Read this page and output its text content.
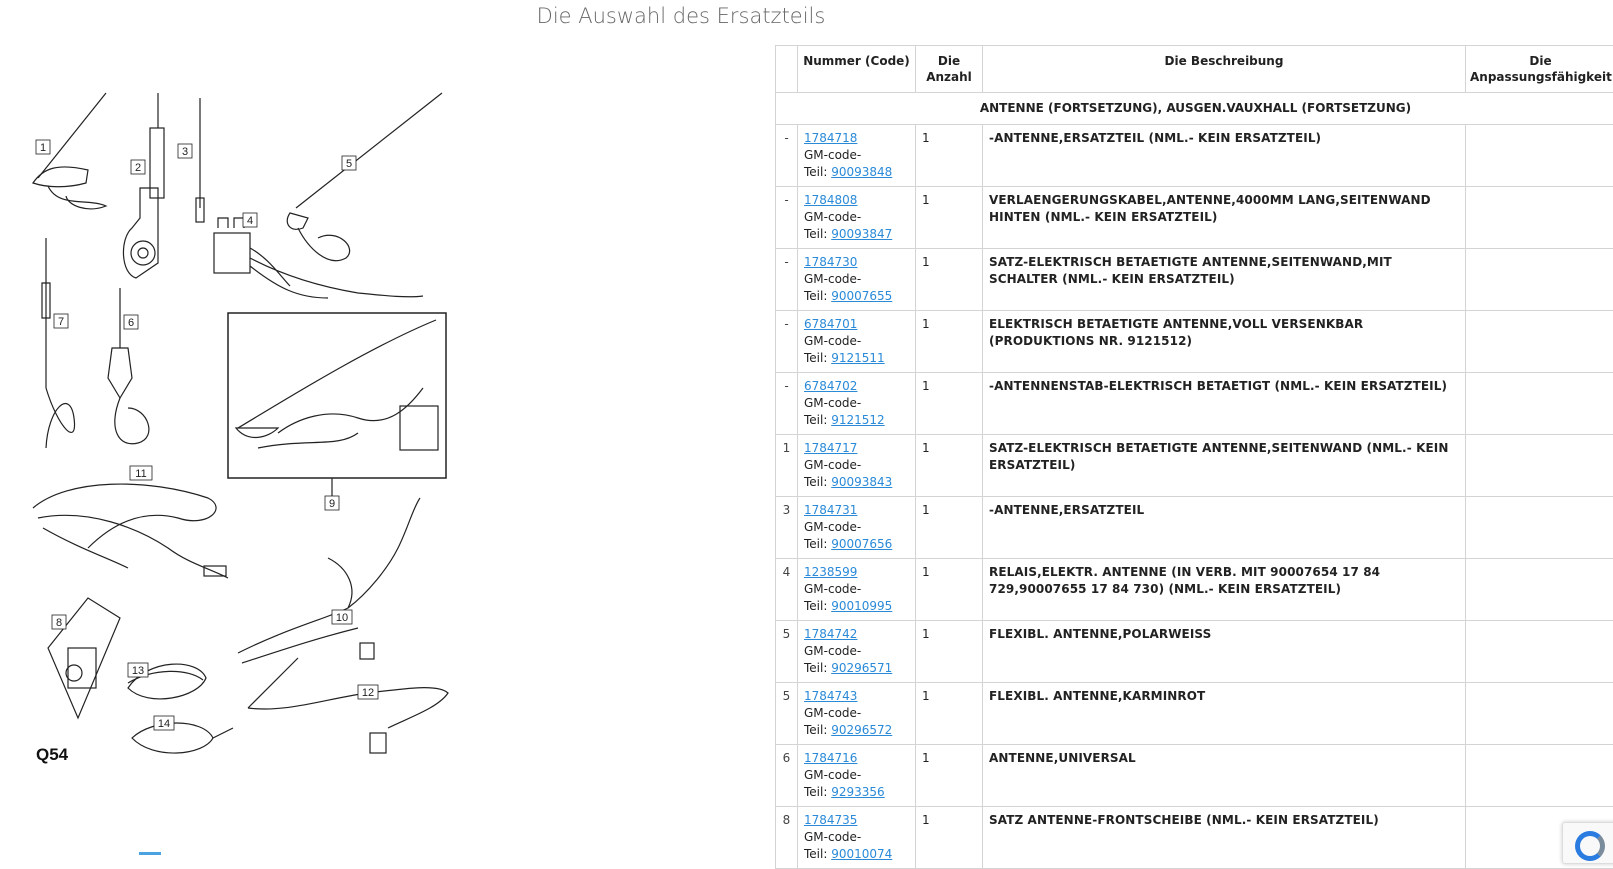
Die Auswahl des Ersatzteils
1
2
3
4
5
6
7
8
9
10
11
12
13
14
Q54
	Nummer (Code)	Die Anzahl	Die Beschreibung	Die Anpassungsfähigkeit
ANTENNE (FORTSETZUNG), AUSGEN.VAUXHALL (FORTSETZUNG)				
-	1784718
GM-code-
Teil: 90093848	1	-ANTENNE,ERSATZTEIL (NML.- KEIN ERSATZTEIL)	
-	1784808
GM-code-
Teil: 90093847	1	VERLAENGERUNGSKABEL,ANTENNE,4000MM LANG,SEITENWAND HINTEN (NML.- KEIN ERSATZTEIL)	
-	1784730
GM-code-
Teil: 90007655	1	SATZ-ELEKTRISCH BETAETIGTE ANTENNE,SEITENWAND,MIT SCHALTER (NML.- KEIN ERSATZTEIL)	
-	6784701
GM-code-
Teil: 9121511	1	ELEKTRISCH BETAETIGTE ANTENNE,VOLL VERSENKBAR (PRODUKTIONS NR. 9121512)	
-	6784702
GM-code-
Teil: 9121512	1	-ANTENNENSTAB-ELEKTRISCH BETAETIGT (NML.- KEIN ERSATZTEIL)	
1	1784717
GM-code-
Teil: 90093843	1	SATZ-ELEKTRISCH BETAETIGTE ANTENNE,SEITENWAND (NML.- KEIN ERSATZTEIL)	
3	1784731
GM-code-
Teil: 90007656	1	-ANTENNE,ERSATZTEIL	
4	1238599
GM-code-
Teil: 90010995	1	RELAIS,ELEKTR. ANTENNE (IN VERB. MIT 90007654 17 84 729,90007655 17 84 730) (NML.- KEIN ERSATZTEIL)	
5	1784742
GM-code-
Teil: 90296571	1	FLEXIBL. ANTENNE,POLARWEISS	
5	1784743
GM-code-
Teil: 90296572	1	FLEXIBL. ANTENNE,KARMINROT	
6	1784716
GM-code-
Teil: 9293356	1	ANTENNE,UNIVERSAL	
8	1784735
GM-code-
Teil: 90010074	1	SATZ ANTENNE-FRONTSCHEIBE (NML.- KEIN ERSATZTEIL)	
